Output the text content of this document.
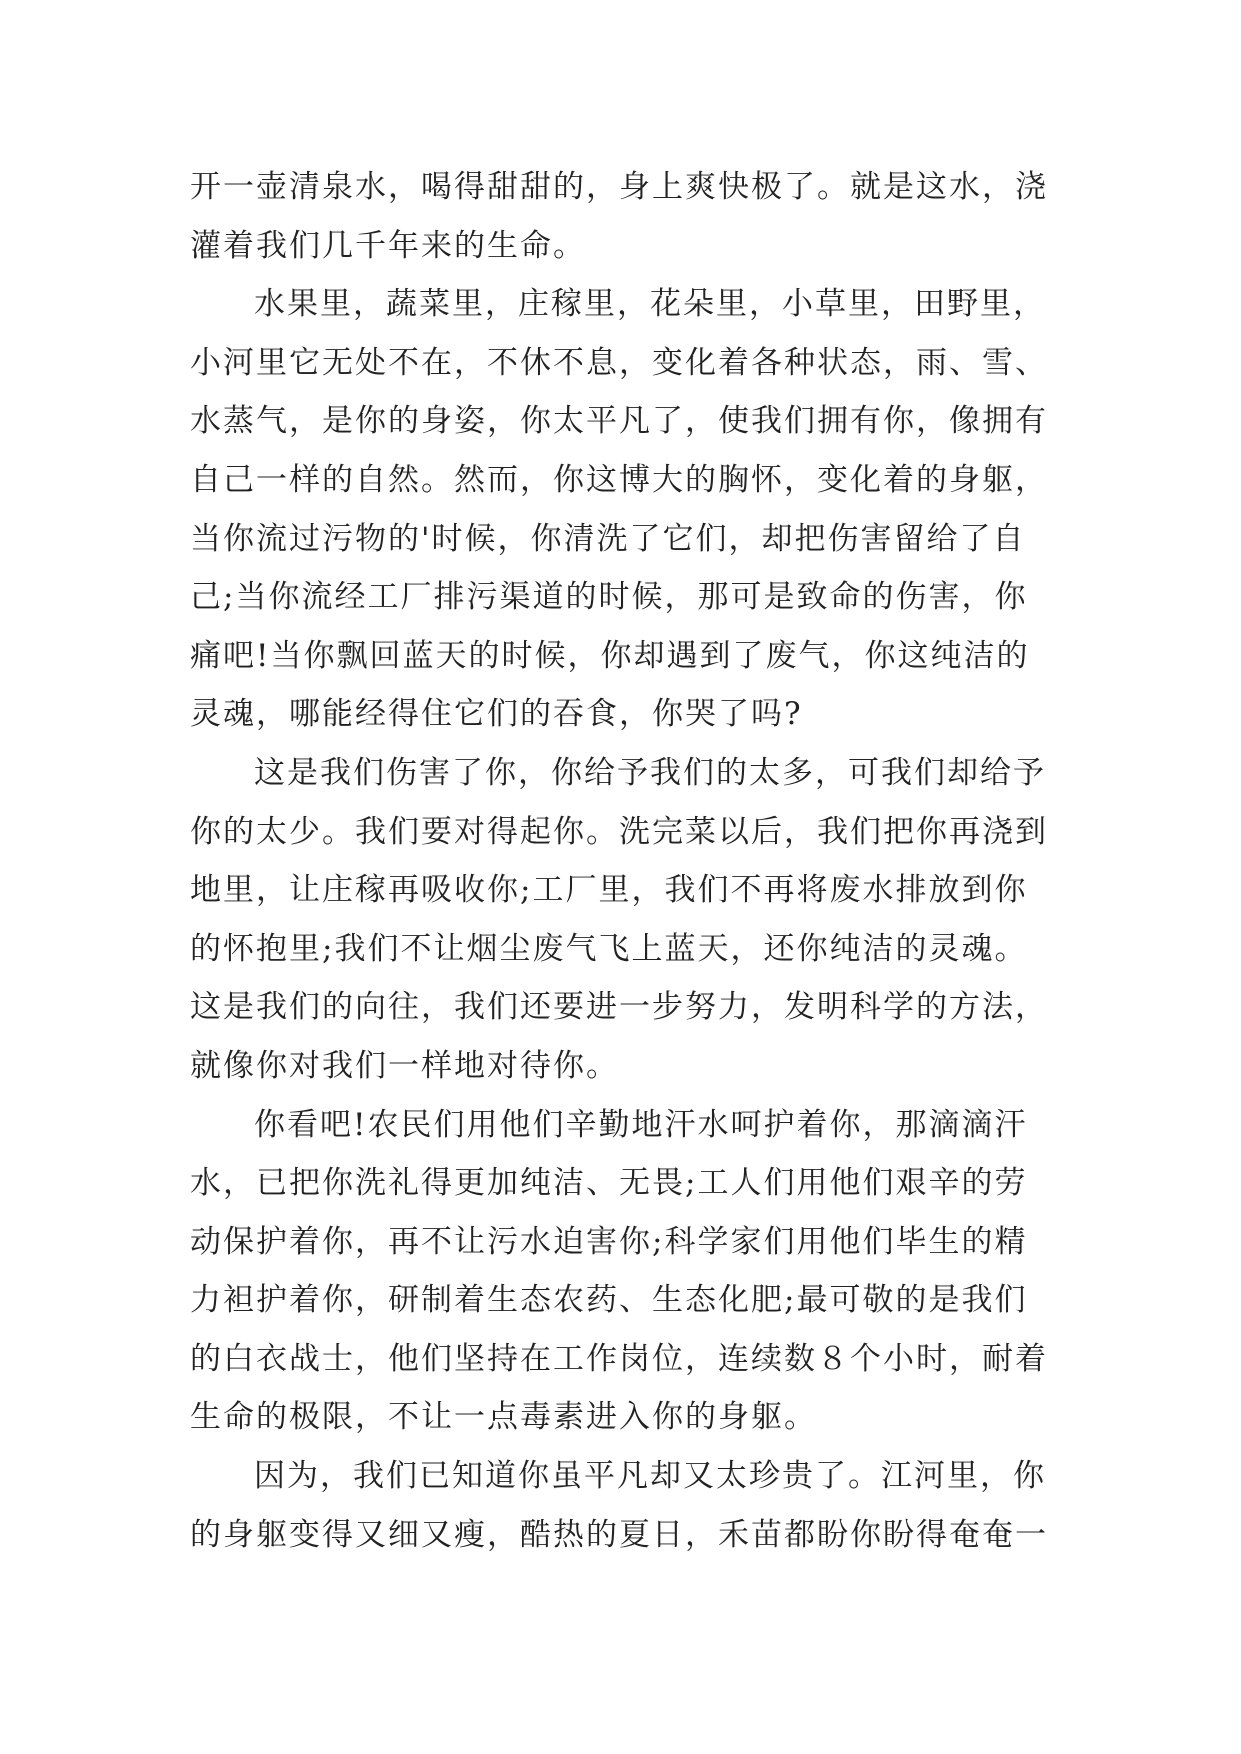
开一壶清泉水，喝得甜甜的，身上爽快极了。就是这水，浇
灌着我们几千年来的生命。
水果里，蔬菜里，庄稼里，花朵里，小草里，田野里，
小河里它无处不在，不休不息，变化着各种状态，雨、雪、
水蒸气，是你的身姿，你太平凡了，使我们拥有你，像拥有
自己一样的自然。然而，你这博大的胸怀，变化着的身躯，
当你流过污物的'时候，你清洗了它们，却把伤害留给了自
己;当你流经工厂排污渠道的时候，那可是致命的伤害，你
痛吧!当你飘回蓝天的时候，你却遇到了废气，你这纯洁的
灵魂，哪能经得住它们的吞食，你哭了吗?
这是我们伤害了你，你给予我们的太多，可我们却给予
你的太少。我们要对得起你。洗完菜以后，我们把你再浇到
地里，让庄稼再吸收你;工厂里，我们不再将废水排放到你
的怀抱里;我们不让烟尘废气飞上蓝天，还你纯洁的灵魂。
这是我们的向往，我们还要进一步努力，发明科学的方法，
就像你对我们一样地对待你。
你看吧!农民们用他们辛勤地汗水呵护着你，那滴滴汗
水，已把你洗礼得更加纯洁、无畏;工人们用他们艰辛的劳
动保护着你，再不让污水迫害你;科学家们用他们毕生的精
力袒护着你，研制着生态农药、生态化肥;最可敬的是我们
的白衣战士，他们坚持在工作岗位，连续数８个小时，耐着
生命的极限，不让一点毒素进入你的身躯。
因为，我们已知道你虽平凡却又太珍贵了。江河里，你
的身躯变得又细又瘦，酷热的夏日，禾苗都盼你盼得奄奄一
